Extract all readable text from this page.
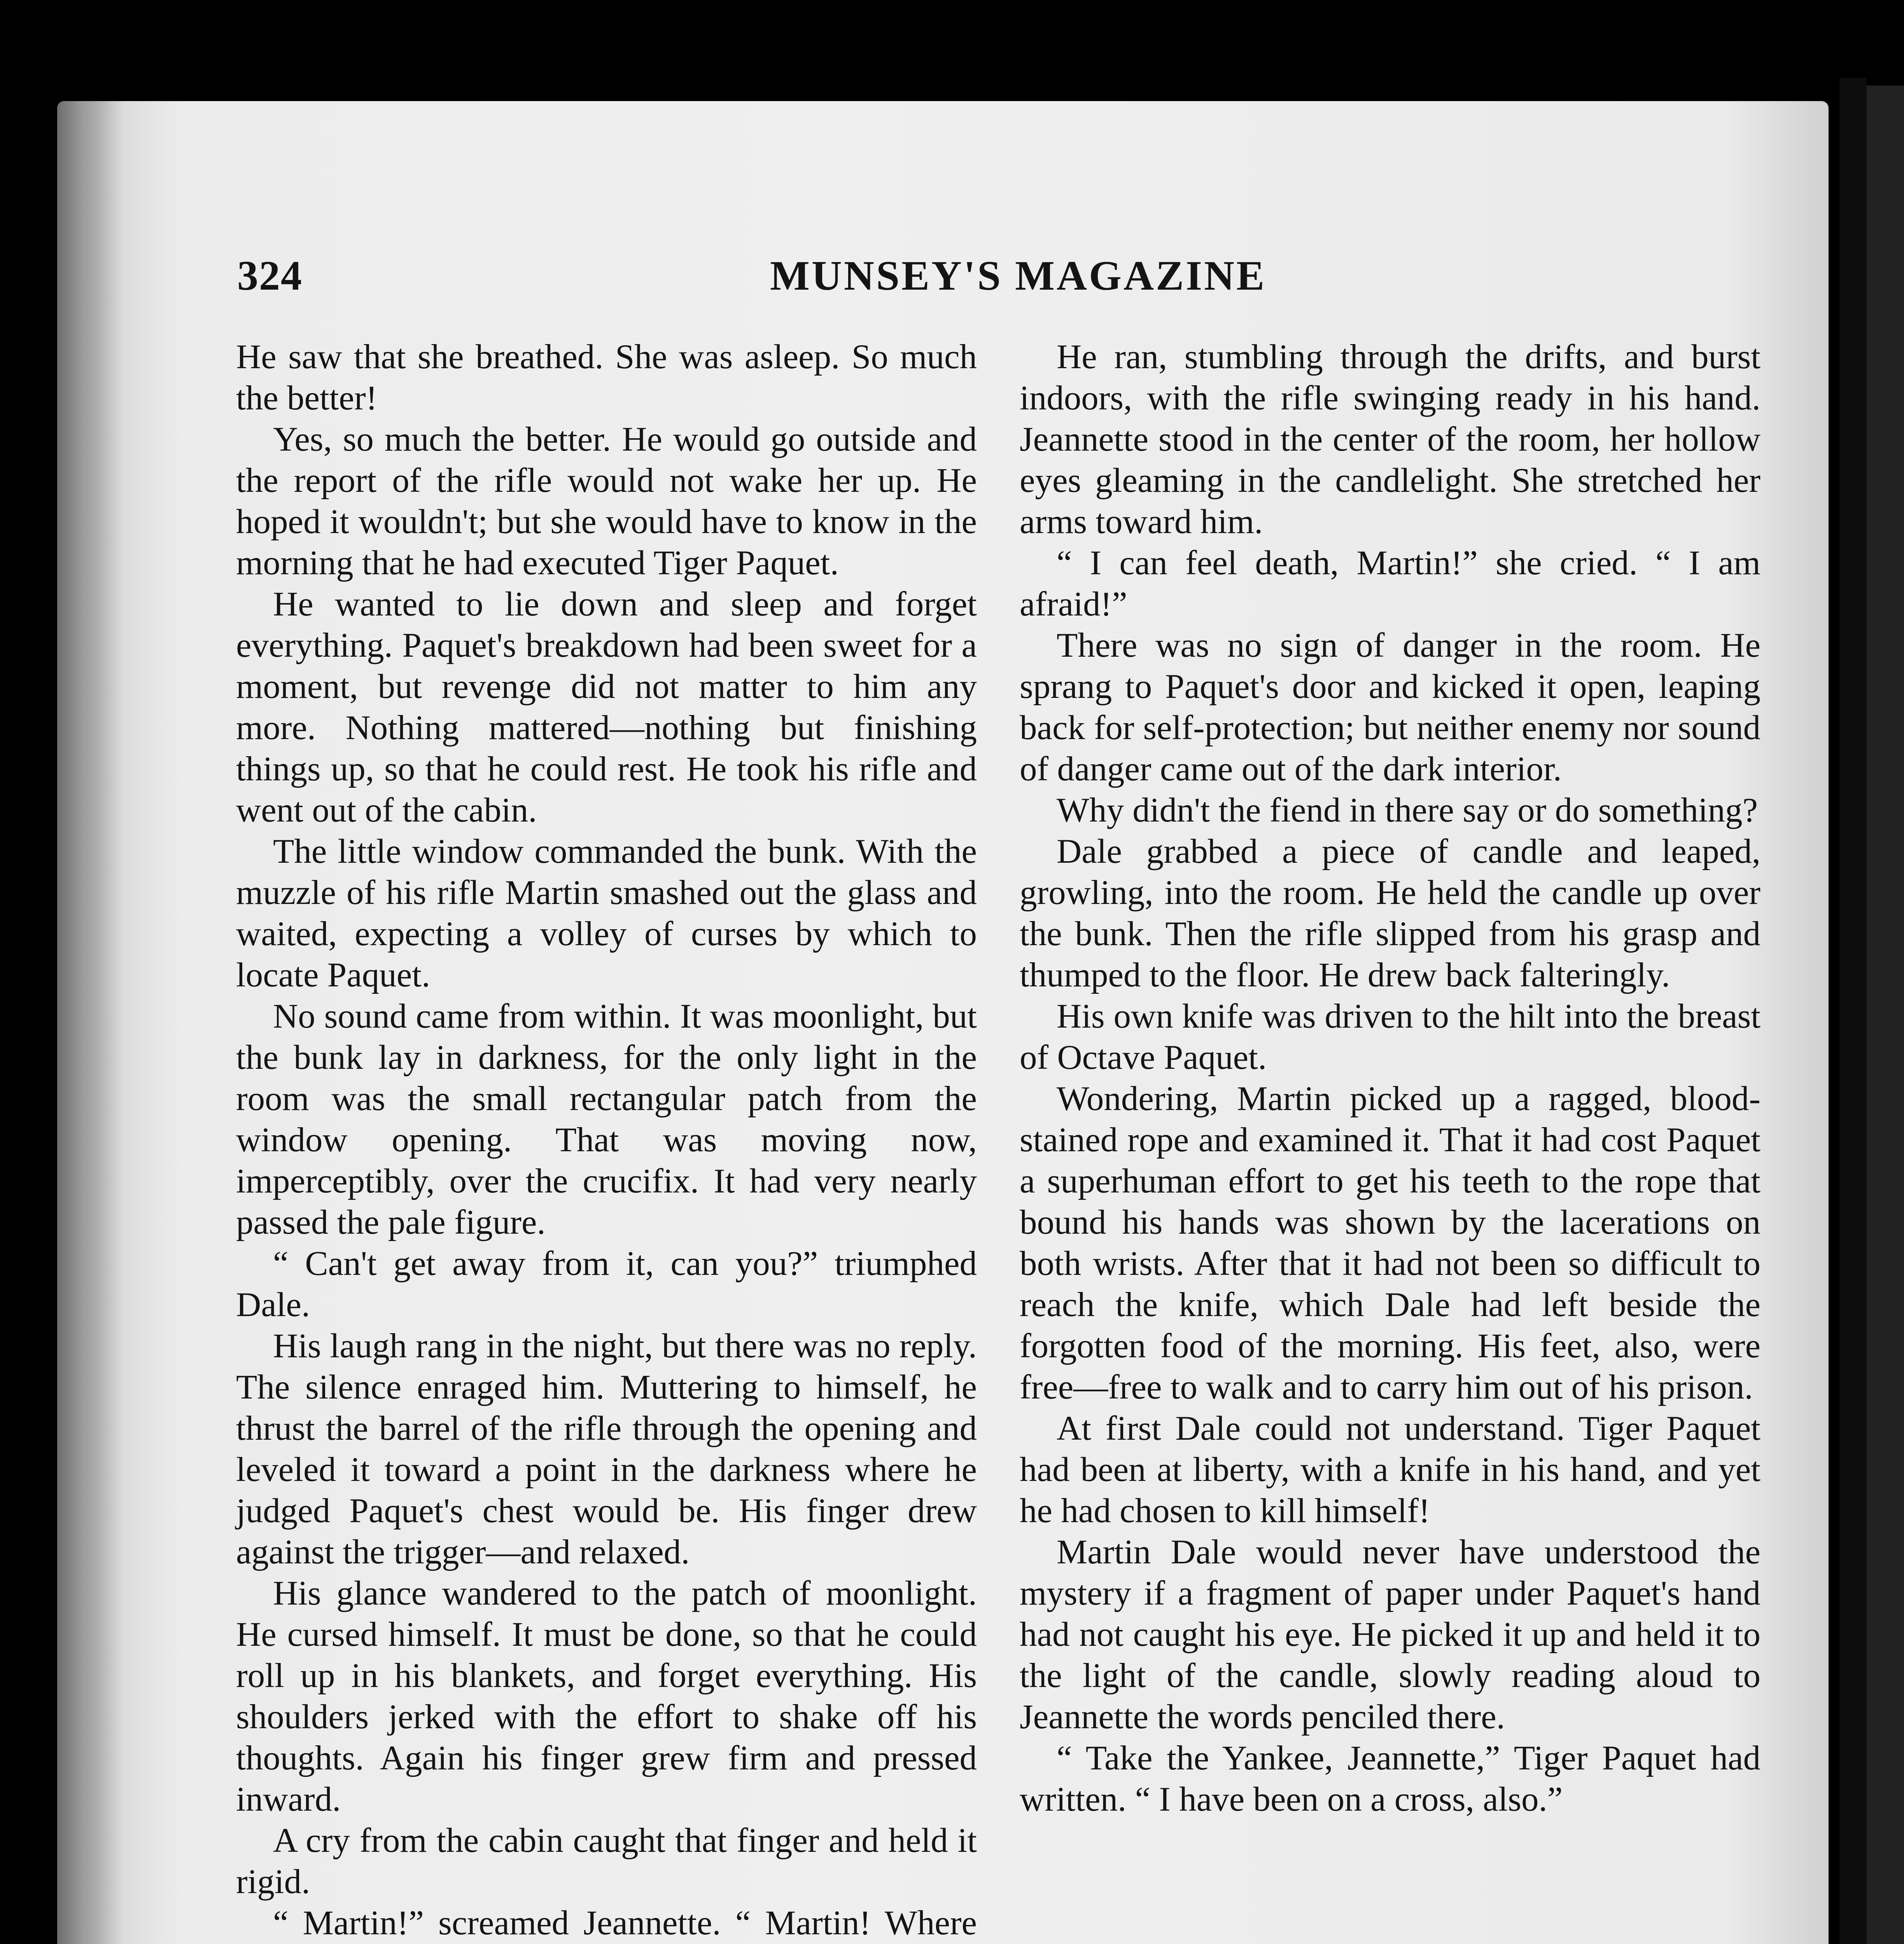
324	MUNSEY'S MAGAZINE

He saw that she breathed. She was asleep. So much the better!

Yes, so much the better. He would go outside and the report of the rifle would not wake her up. He hoped it wouldn't; but she would have to know in the morning that he had executed Tiger Paquet.

He wanted to lie down and sleep and forget everything. Paquet's breakdown had been sweet for a moment, but revenge did not matter to him any more. Nothing mattered—nothing but finishing things up, so that he could rest. He took his rifle and went out of the cabin.

The little window commanded the bunk. With the muzzle of his rifle Martin smashed out the glass and waited, expecting a volley of curses by which to locate Paquet.

No sound came from within. It was moonlight, but the bunk lay in darkness, for the only light in the room was the small rectangular patch from the window opening. That was moving now, imperceptibly, over the crucifix. It had very nearly passed the pale figure.

“ Can't get away from it, can you?” triumphed Dale.

His laugh rang in the night, but there was no reply. The silence enraged him. Muttering to himself, he thrust the barrel of the rifle through the opening and leveled it toward a point in the darkness where he judged Paquet's chest would be. His finger drew against the trigger—and relaxed.

His glance wandered to the patch of moonlight. He cursed himself. It must be done, so that he could roll up in his blankets, and forget everything. His shoulders jerked with the effort to shake off his thoughts. Again his finger grew firm and pressed inward.

A cry from the cabin caught that finger and held it rigid.

“ Martin!” screamed Jeannette. “ Martin! Where

He ran, stumbling through the drifts, and burst indoors, with the rifle swinging ready in his hand. Jeannette stood in the center of the room, her hollow eyes gleaming in the candlelight. She stretched her arms toward him.

“ I can feel death, Martin!” she cried. “ I am afraid!”

There was no sign of danger in the room. He sprang to Paquet's door and kicked it open, leaping back for self-protection; but neither enemy nor sound of danger came out of the dark interior.

Why didn't the fiend in there say or do something?

Dale grabbed a piece of candle and leaped, growling, into the room. He held the candle up over the bunk. Then the rifle slipped from his grasp and thumped to the floor. He drew back falteringly.

His own knife was driven to the hilt into the breast of Octave Paquet.

Wondering, Martin picked up a ragged, blood-stained rope and examined it. That it had cost Paquet a superhuman effort to get his teeth to the rope that bound his hands was shown by the lacerations on both wrists. After that it had not been so difficult to reach the knife, which Dale had left beside the forgotten food of the morning. His feet, also, were free—free to walk and to carry him out of his prison.

At first Dale could not understand. Tiger Paquet had been at liberty, with a knife in his hand, and yet he had chosen to kill himself!

Martin Dale would never have understood the mystery if a fragment of paper under Paquet's hand had not caught his eye. He picked it up and held it to the light of the candle, slowly reading aloud to Jeannette the words penciled there.

“ Take the Yankee, Jeannette,” Tiger Paquet had written. “ I have been on a cross, also.”
